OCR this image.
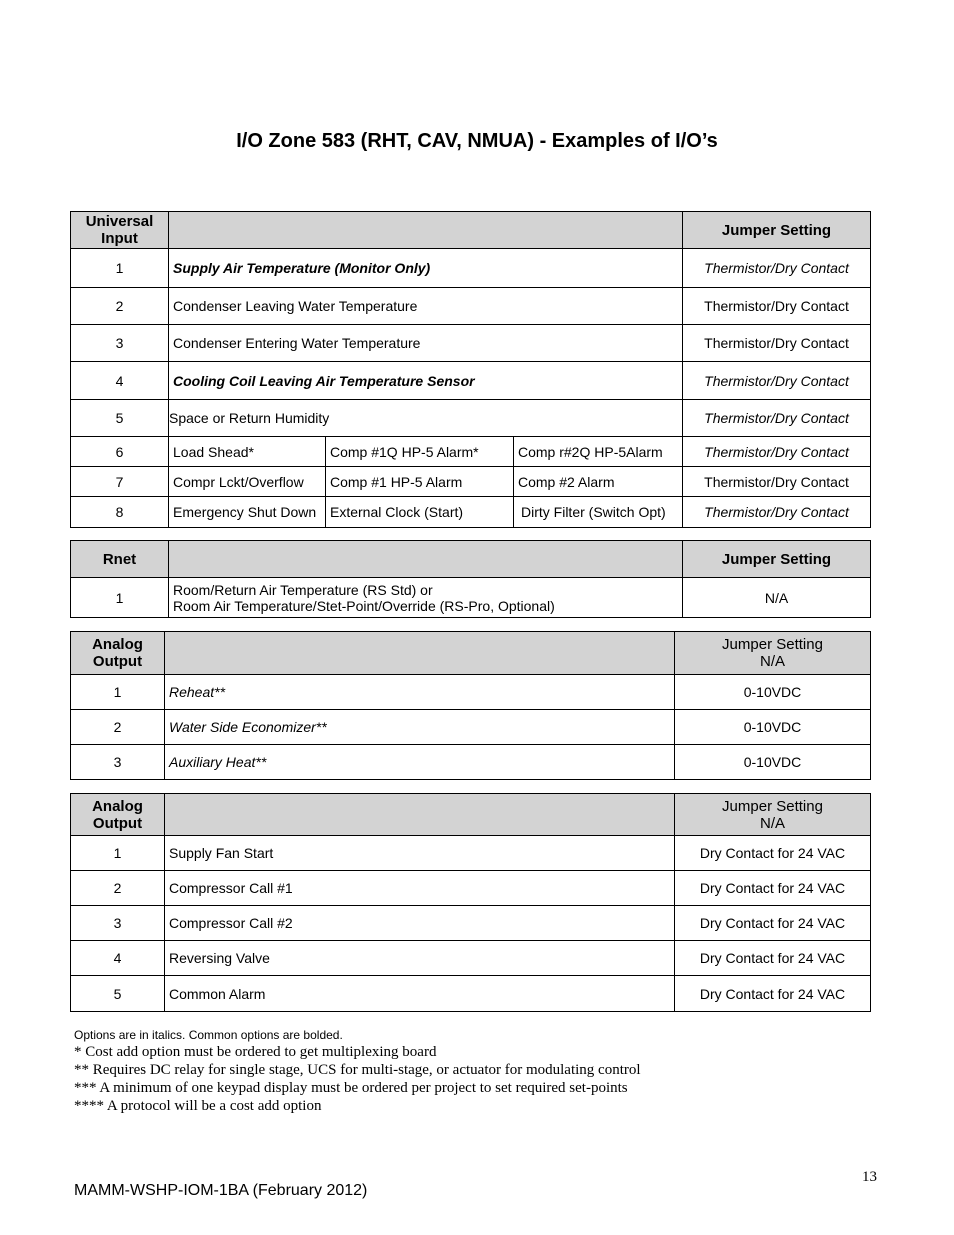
I/O Zone 583 (RHT, CAV, NMUA) - Examples of I/O’s
Universal Input				Jumper Setting
1	Supply Air Temperature (Monitor Only)			Thermistor/Dry Contact
2	Condenser Leaving Water Temperature			Thermistor/Dry Contact
3	Condenser Entering Water Temperature			Thermistor/Dry Contact
4	Cooling Coil Leaving Air Temperature Sensor			Thermistor/Dry Contact
5	Space or Return Humidity			Thermistor/Dry Contact
6	Load Shead*	Comp #1Q HP-5 Alarm*	Comp r#2Q HP-5Alarm	Thermistor/Dry Contact
7	Compr Lckt/Overflow	Comp #1 HP-5 Alarm	Comp #2 Alarm	Thermistor/Dry Contact
8	Emergency Shut Down	External Clock (Start)	Dirty Filter (Switch Opt)	Thermistor/Dry Contact
Rnet		Jumper Setting
1	Room/Return Air Temperature (RS Std) or
Room Air Temperature/Stet-Point/Override (RS-Pro, Optional)	N/A
Analog Output		Jumper Setting
N/A

1	Reheat**	0-10VDC
2	Water Side Economizer**	0-10VDC
3	Auxiliary Heat**	0-10VDC
Analog Output		Jumper Setting
N/A

1	Supply Fan Start	Dry Contact for 24 VAC
2	Compressor Call #1	Dry Contact for 24 VAC
3	Compressor Call #2	Dry Contact for 24 VAC
4	Reversing Valve	Dry Contact for 24 VAC
5	Common Alarm	Dry Contact for 24 VAC
Options are in italics. Common options are bolded.
* Cost add option must be ordered to get multiplexing board
** Requires DC relay for single stage, UCS for multi-stage, or actuator for modulating control
*** A minimum of one keypad display must be ordered per project to set required set-points
**** A protocol will be a cost add option
13
MAMM-WSHP-IOM-1BA (February 2012)
